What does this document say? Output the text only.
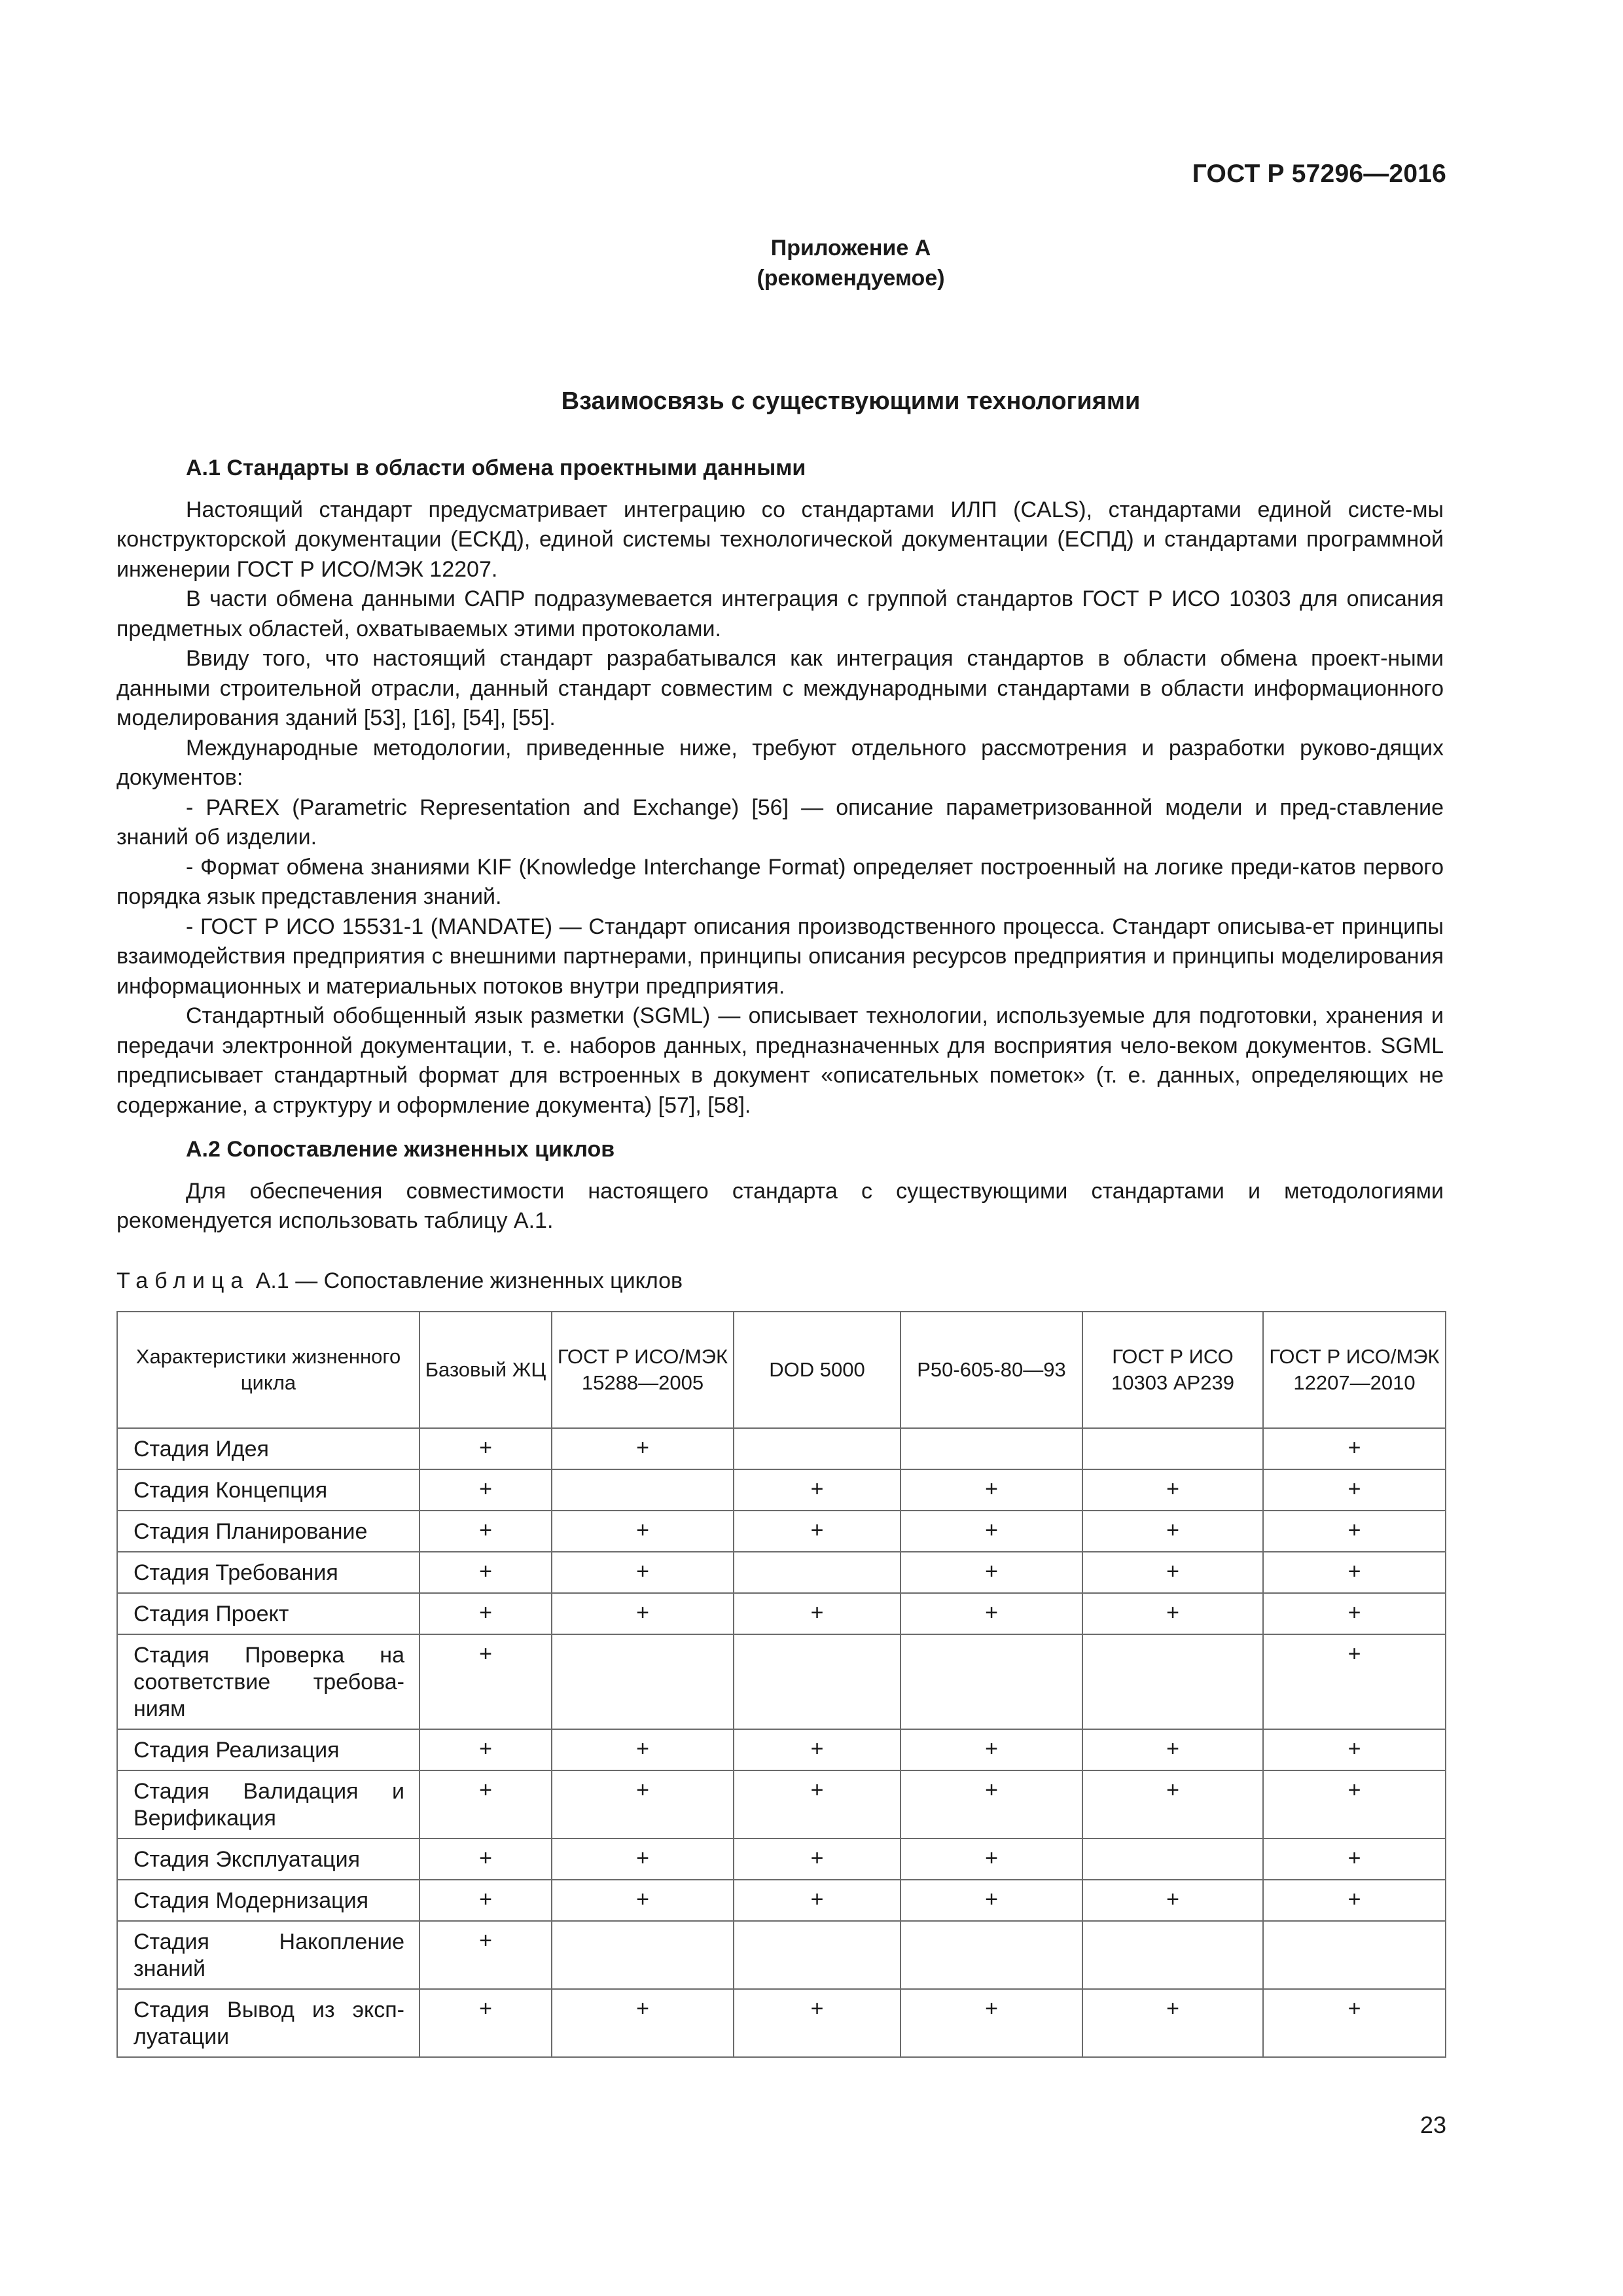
ГОСТ Р 57296—2016
Приложение А
(рекомендуемое)
Взаимосвязь с существующими технологиями

А.1 Стандарты в области обмена проектными данными

Настоящий стандарт предусматривает интеграцию со стандартами ИЛП (CALS), стандартами единой систе-мы конструкторской документации (ЕСКД), единой системы технологической документации (ЕСПД) и стандартами программной инженерии ГОСТ Р ИСО/МЭК 12207.

В части обмена данными САПР подразумевается интеграция с группой стандартов ГОСТ Р ИСО 10303 для описания предметных областей, охватываемых этими протоколами.

Ввиду того, что настоящий стандарт разрабатывался как интеграция стандартов в области обмена проект-ными данными строительной отрасли, данный стандарт совместим с международными стандартами в области информационного моделирования зданий [53], [16], [54], [55].

Международные методологии, приведенные ниже, требуют отдельного рассмотрения и разработки руково-дящих документов:

- PAREX (Parametric Representation and Exchange) [56] — описание параметризованной модели и пред-ставление знаний об изделии.

- Формат обмена знаниями KIF (Knowledge Interchange Format) определяет построенный на логике преди-катов первого порядка язык представления знаний.

- ГОСТ Р ИСО 15531-1 (MANDATE) — Стандарт описания производственного процесса. Стандарт описыва-ет принципы взаимодействия предприятия с внешними партнерами, принципы описания ресурсов предприятия и принципы моделирования информационных и материальных потоков внутри предприятия.

Стандартный обобщенный язык разметки (SGML) — описывает технологии, используемые для подготовки, хранения и передачи электронной документации, т. е. наборов данных, предназначенных для восприятия чело-веком документов. SGML предписывает стандартный формат для встроенных в документ «описательных пометок» (т. е. данных, определяющих не содержание, а структуру и оформление документа) [57], [58].

А.2 Сопоставление жизненных циклов

Для обеспечения совместимости настоящего стандарта с существующими стандартами и методологиями рекомендуется использовать таблицу А.1.

Таблица А.1 — Сопоставление жизненных циклов
Характеристики жизненного цикла	Базовый ЖЦ	ГОСТ Р ИСО/МЭК 15288—2005	DOD 5000	P50-605-80—93	ГОСТ Р ИСО 10303 AP239	ГОСТ Р ИСО/МЭК 12207—2010
Стадия Идея	+	+				+
Стадия Концепция	+		+	+	+	+
Стадия Планирование	+	+	+	+	+	+
Стадия Требования	+	+		+	+	+
Стадия Проект	+	+	+	+	+	+
Стадия Проверка на соответствие требова-ниям	+					+
Стадия Реализация	+	+	+	+	+	+
Стадия Валидация и Верификация	+	+	+	+	+	+
Стадия Эксплуатация	+	+	+	+		+
Стадия Модернизация	+	+	+	+	+	+
Стадия Накопление знаний	+					
Стадия Вывод из эксп-луатации	+	+	+	+	+	+
23
